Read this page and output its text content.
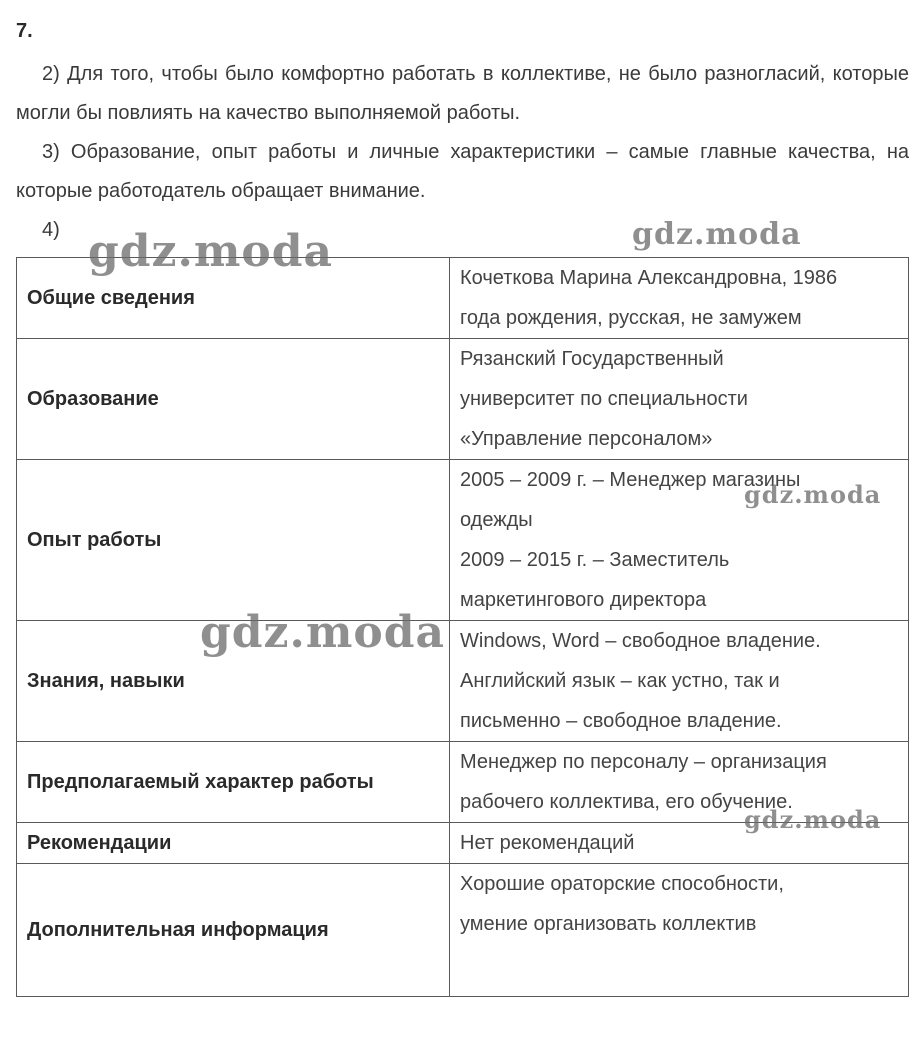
7.
2) Для того, чтобы было комфортно работать в коллективе, не было разногласий, которые могли бы повлиять на качество выполняемой работы.
3) Образование, опыт работы и личные характеристики – самые главные качества, на которые работодатель обращает внимание.
4)
Общие сведения	Кочеткова Марина Александровна, 1986
года рождения, русская, не замужем

Образование	Рязанский Государственный
университет по специальности
«Управление персоналом»

Опыт работы	2005 – 2009 г. – Менеджер магазины
одежды
2009 – 2015 г. – Заместитель
маркетингового директора

Знания, навыки	Windows, Word – свободное владение.
Английский язык – как устно, так и
письменно – свободное владение.

Предполагаемый характер работы	Менеджер по персоналу – организация
рабочего коллектива, его обучение.

Рекомендации	Нет рекомендаций

Дополнительная информация	Хорошие ораторские способности,
умение организовать коллектив
gdz.moda	gdz.moda
gdz.moda
gdz.moda
gdz.moda
